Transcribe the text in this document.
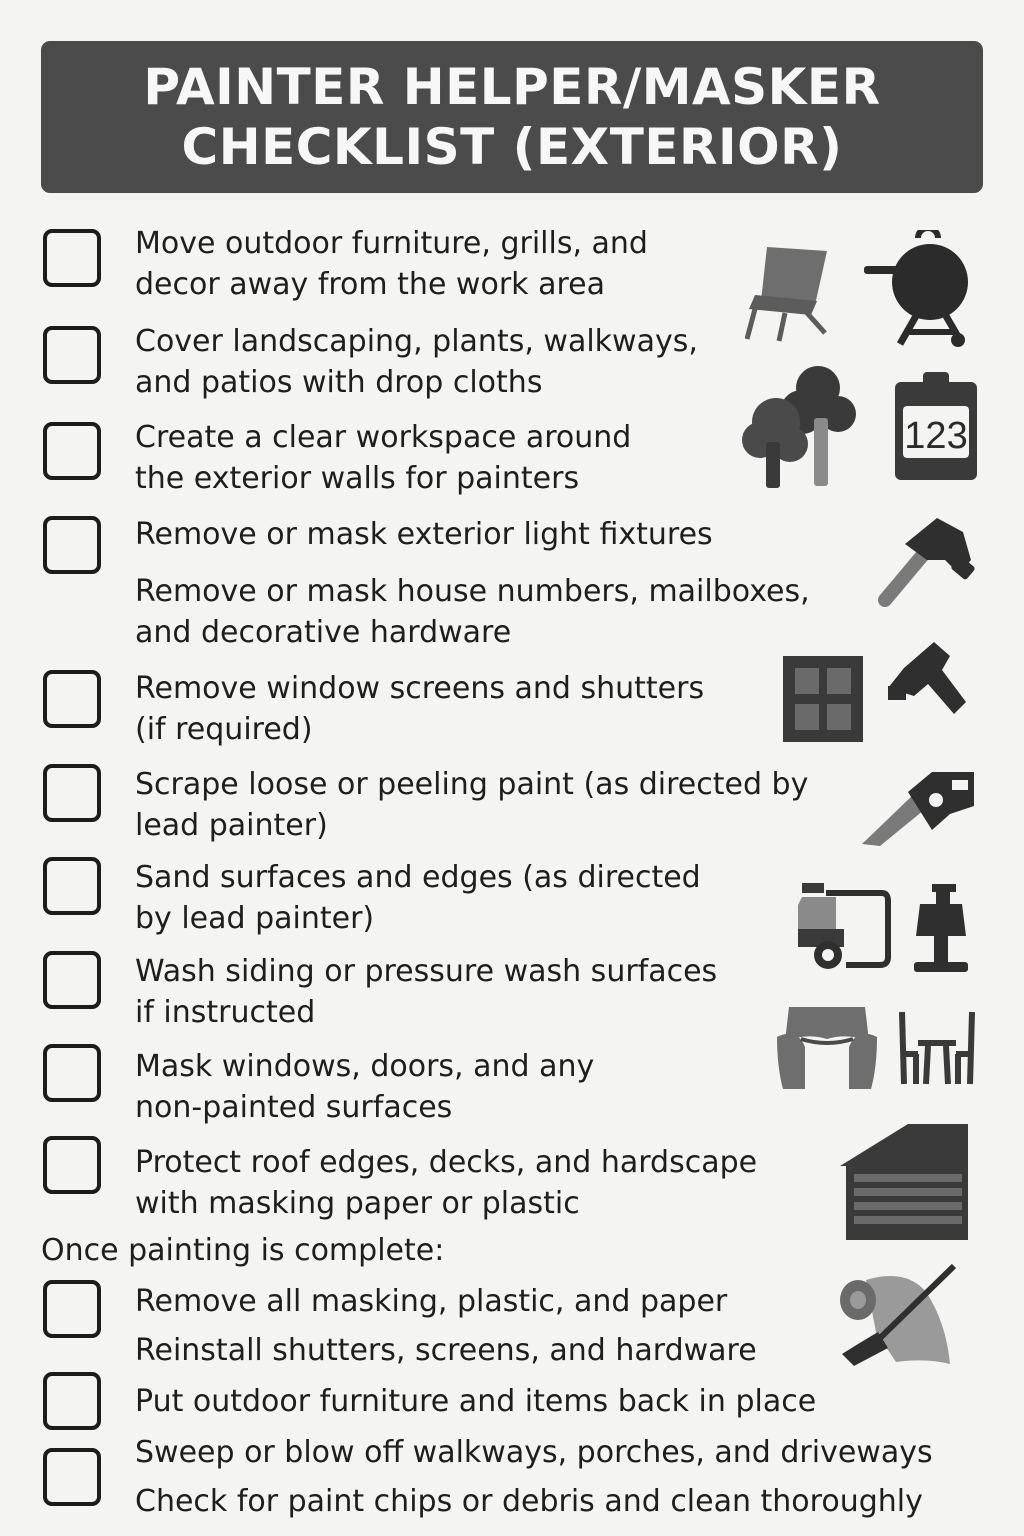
PAINTER HELPER/MASKER
CHECKLIST (EXTERIOR)
Move outdoor furniture, grills, and
decor away from the work area
Cover landscaping, plants, walkways,
and patios with drop cloths
Create a clear workspace around
the exterior walls for painters
Remove or mask exterior light fixtures
Remove or mask house numbers, mailboxes,
and decorative hardware
Remove window screens and shutters
(if required)
Scrape loose or peeling paint (as directed by
lead painter)
Sand surfaces and edges (as directed
by lead painter)
Wash siding or pressure wash surfaces
if instructed
Mask windows, doors, and any
non-painted surfaces
Protect roof edges, decks, and hardscape
with masking paper or plastic
Once painting is complete:
Remove all masking, plastic, and paper
Reinstall shutters, screens, and hardware
Put outdoor furniture and items back in place
Sweep or blow off walkways, porches, and driveways
Check for paint chips or debris and clean thoroughly
123
